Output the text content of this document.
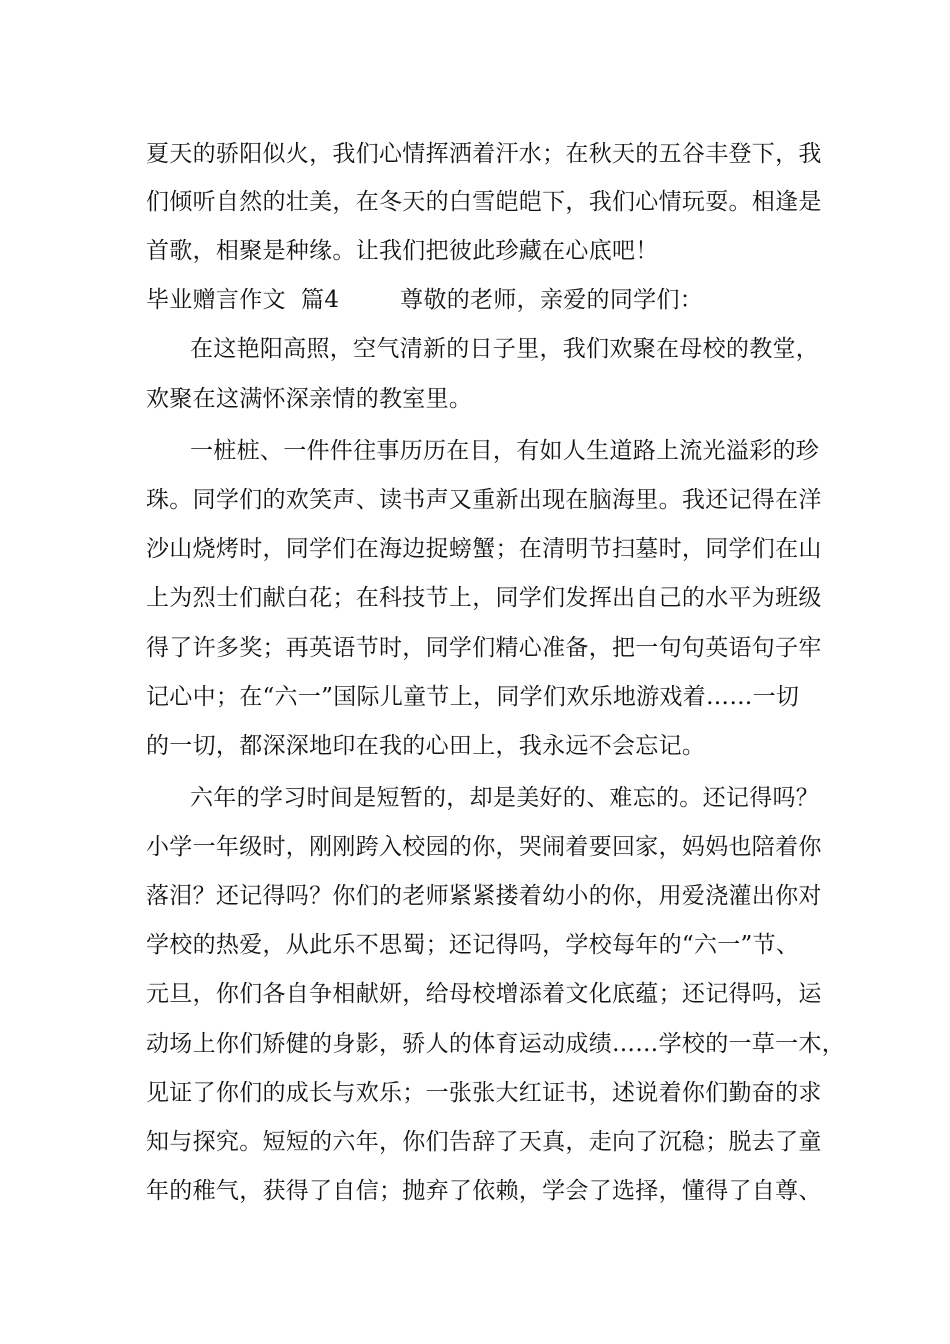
夏天的骄阳似火，我们心情挥洒着汗水；在秋天的五谷丰登下，我
们倾听自然的壮美，在冬天的白雪皑皑下，我们心情玩耍。相逢是
首歌，相聚是种缘。让我们把彼此珍藏在心底吧！
毕业赠言作文  篇4        尊敬的老师，亲爱的同学们：
在这艳阳高照，空气清新的日子里，我们欢聚在母校的教堂，
欢聚在这满怀深亲情的教室里。
一桩桩、一件件往事历历在目，有如人生道路上流光溢彩的珍
珠。同学们的欢笑声、读书声又重新出现在脑海里。我还记得在洋
沙山烧烤时，同学们在海边捉螃蟹；在清明节扫墓时，同学们在山
上为烈士们献白花；在科技节上，同学们发挥出自己的水平为班级
得了许多奖；再英语节时，同学们精心准备，把一句句英语句子牢
记心中；在“六一”国际儿童节上，同学们欢乐地游戏着……一切
的一切，都深深地印在我的心田上，我永远不会忘记。
六年的学习时间是短暂的，却是美好的、难忘的。还记得吗？
小学一年级时，刚刚跨入校园的你，哭闹着要回家，妈妈也陪着你
落泪？还记得吗？你们的老师紧紧搂着幼小的你，用爱浇灌出你对
学校的热爱，从此乐不思蜀；还记得吗，学校每年的“六一”节、
元旦，你们各自争相献妍，给母校增添着文化底蕴；还记得吗，运
动场上你们矫健的身影，骄人的体育运动成绩……学校的一草一木，
见证了你们的成长与欢乐；一张张大红证书，述说着你们勤奋的求
知与探究。短短的六年，你们告辞了天真，走向了沉稳；脱去了童
年的稚气，获得了自信；抛弃了依赖，学会了选择，懂得了自尊、
